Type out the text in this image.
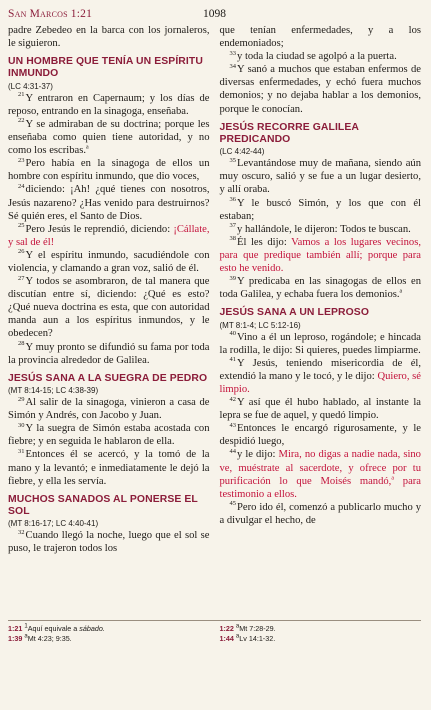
San Marcos 1:21	1098

padre Zebedeo en la barca con los jornaleros, le siguieron.

UN HOMBRE QUE TENÍA UN ESPÍRITU INMUNDO
(LC 4:31-37)

$^{21}$Y entraron en Capernaum; y los días de reposo, entrando en la sinagoga, enseñaba.

$^{22}$Y se admiraban de su doctrina; porque les enseñaba como quien tiene autoridad, y no como los escribas.$^a$

$^{23}$Pero había en la sinagoga de ellos un hombre con espíritu inmundo, que dio voces,

$^{24}$diciendo: ¡Ah! ¿qué tienes con nosotros, Jesús nazareno? ¿Has venido para destruirnos? Sé quién eres, el Santo de Dios.

$^{25}$Pero Jesús le reprendió, diciendo: ¡Cállate, y sal de él!

$^{26}$Y el espíritu inmundo, sacudiéndole con violencia, y clamando a gran voz, salió de él.

$^{27}$Y todos se asombraron, de tal manera que discutían entre sí, diciendo: ¿Qué es esto? ¿Qué nueva doctrina es esta, que con autoridad manda aun a los espíritus inmundos, y le obedecen?

$^{28}$Y muy pronto se difundió su fama por toda la provincia alrededor de Galilea.

JESÚS SANA A LA SUEGRA DE PEDRO
(MT 8:14-15; LC 4:38-39)

$^{29}$Al salir de la sinagoga, vinieron a casa de Simón y Andrés, con Jacobo y Juan.

$^{30}$Y la suegra de Simón estaba acostada con fiebre; y en seguida le hablaron de ella.

$^{31}$Entonces él se acercó, y la tomó de la mano y la levantó; e inmediatamente le dejó la fiebre, y ella les servía.

MUCHOS SANADOS AL PONERSE EL SOL
(MT 8:16-17; LC 4:40-41)

$^{32}$Cuando llegó la noche, luego que el sol se puso, le trajeron todos los

que tenían enfermedades, y a los endemoniados;

$^{33}$y toda la ciudad se agolpó a la puerta.

$^{34}$Y sanó a muchos que estaban enfermos de diversas enfermedades, y echó fuera muchos demonios; y no dejaba hablar a los demonios, porque le conocían.

JESÚS RECORRE GALILEA PREDICANDO
(LC 4:42-44)

$^{35}$Levantándose muy de mañana, siendo aún muy oscuro, salió y se fue a un lugar desierto, y allí oraba.

$^{36}$Y le buscó Simón, y los que con él estaban;

$^{37}$y hallándole, le dijeron: Todos te buscan.

$^{38}$Él les dijo: Vamos a los lugares vecinos, para que predique también allí; porque para esto he venido.

$^{39}$Y predicaba en las sinagogas de ellos en toda Galilea, y echaba fuera los demonios.$^a$

JESÚS SANA A UN LEPROSO
(MT 8:1-4; LC 5:12-16)

$^{40}$Vino a él un leproso, rogándole; e hincada la rodilla, le dijo: Si quieres, puedes limpiarme.

$^{41}$Y Jesús, teniendo misericordia de él, extendió la mano y le tocó, y le dijo: Quiero, sé limpio.

$^{42}$Y así que él hubo hablado, al instante la lepra se fue de aquel, y quedó limpio.

$^{43}$Entonces le encargó rigurosamente, y le despidió luego,

$^{44}$y le dijo: Mira, no digas a nadie nada, sino ve, muéstrate al sacerdote, y ofrece por tu purificación lo que Moisés mandó,$^a$ para testimonio a ellos.

$^{45}$Pero ido él, comenzó a publicarlo mucho y a divulgar el hecho, de

1:21 $^1$Aquí equivale a sábado.
1:39 $^a$Mt 4:23; 9:35.
1:22 $^a$Mt 7:28-29.
1:44 $^a$Lv 14:1-32.
